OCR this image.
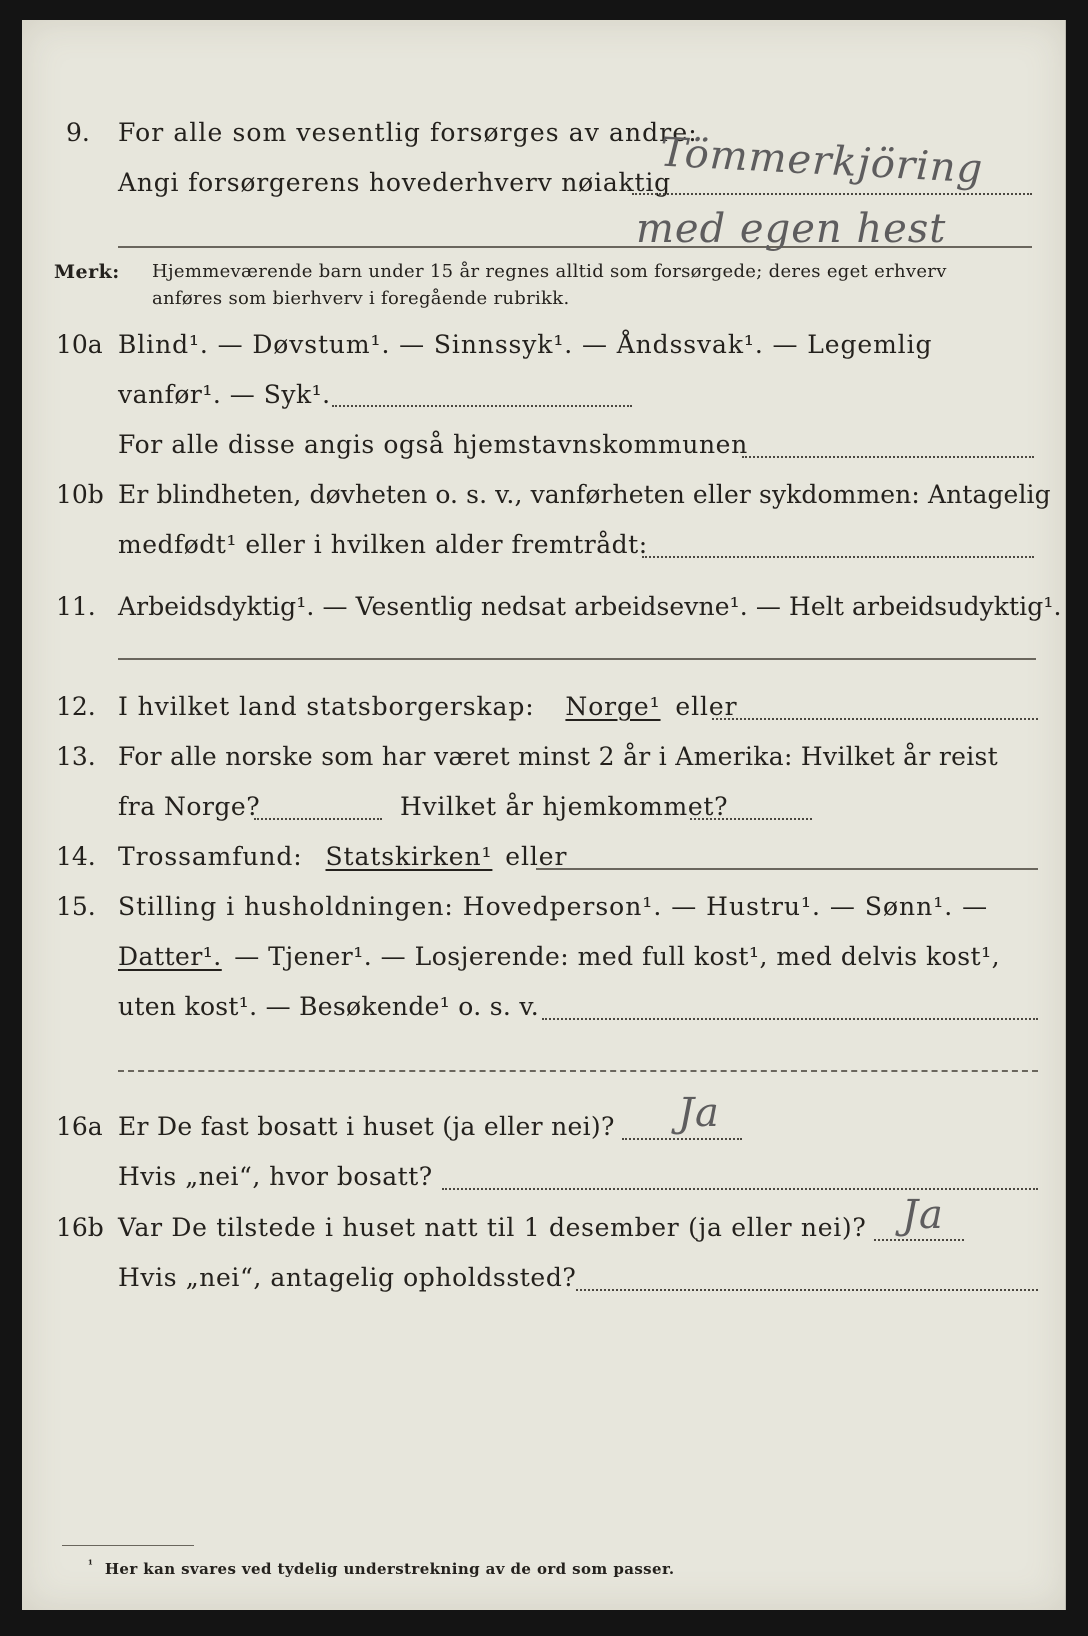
9. For alle som vesentlig forsørges av andre:
Angi forsørgerens hovederhverv nøiaktig
Tömmerkjöring
med egen hest
Merk: Hjemmeværende barn under 15 år regnes alltid som forsørgede; deres eget erhverv
anføres som bierhverv i foregående rubrikk.
10a Blind¹. — Døvstum¹. — Sinnssyk¹. — Åndssvak¹. — Legemlig
vanfør¹. — Syk¹.
For alle disse angis også hjemstavnskommunen
10b Er blindheten, døvheten o. s. v., vanførheten eller sykdommen: Antagelig
medfødt¹ eller i hvilken alder fremtrådt:
11. Arbeidsdyktig¹. — Vesentlig nedsat arbeidsevne¹. — Helt arbeidsudyktig¹.
12. I hvilket land statsborgerskap: Norge¹ eller
13. For alle norske som har været minst 2 år i Amerika: Hvilket år reist
fra Norge?	Hvilket år hjemkommet?
14. Trossamfund: Statskirken¹ eller
15. Stilling i husholdningen: Hovedperson¹. — Hustru¹. — Sønn¹. —
Datter¹. — Tjener¹. — Losjerende: med full kost¹, med delvis kost¹,
uten kost¹. — Besøkende¹ o. s. v.
16a Er De fast bosatt i huset (ja eller nei)? Ja
Hvis „nei“, hvor bosatt?
16b Var De tilstede i huset natt til 1 desember (ja eller nei)? Ja
Hvis „nei“, antagelig opholdssted?
$^{^1}$ Her kan svares ved tydelig understrekning av de ord som passer.
